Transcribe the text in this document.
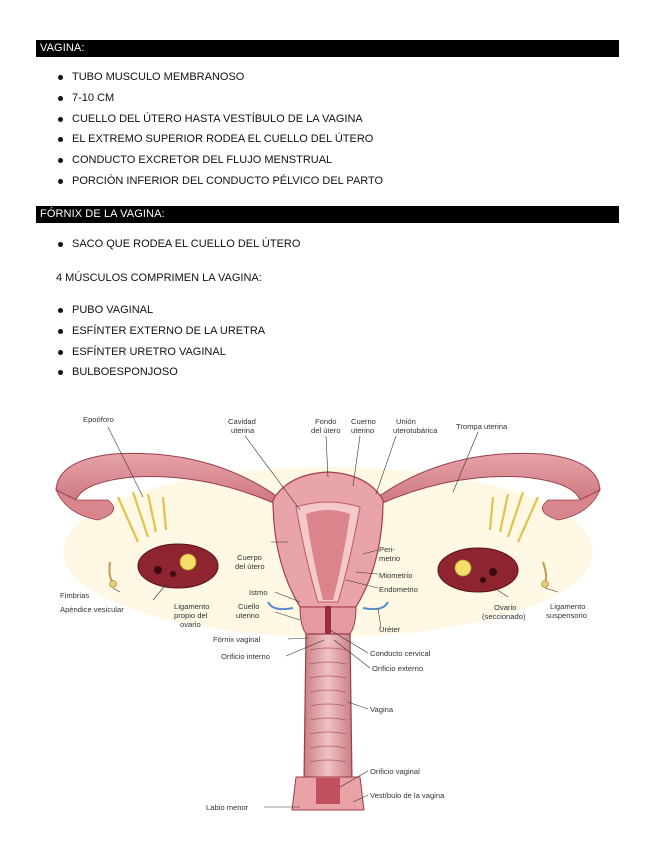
VAGINA:
TUBO MUSCULO MEMBRANOSO
7-10 CM
CUELLO DEL ÚTERO HASTA VESTÍBULO DE LA VAGINA
EL EXTREMO SUPERIOR RODEA EL CUELLO DEL ÚTERO
CONDUCTO EXCRETOR DEL FLUJO MENSTRUAL
PORCIÓN INFERIOR DEL CONDUCTO PÉLVICO DEL PARTO
FÓRNIX DE LA VAGINA:
SACO QUE RODEA EL CUELLO DEL ÚTERO
4 MÚSCULOS COMPRIMEN LA VAGINA:
PUBO VAGINAL
ESFÍNTER EXTERNO DE LA URETRA
ESFÍNTER URETRO VAGINAL
BULBOESPONJOSO
Epoóforo	Cavidad
uterina
Fondo
del útero
Cuerno
uterino
Unión
uterotubárica Trompa uterina
Cuerpo
del útero
Peri-
metrio
Miometrio
Endometrio
Istmo
Cuello
uterino
Fimbrias
Apéndice vesicular	Ligamento
propio del
ovario
Ovario
(seccionado)
Ligamento
suspensorio
Uréter
Fórnix vaginal
Conducto cervical
Orificio interno
Orificio externo
Vagina
Orificio vaginal
Labio menor
Vestíbulo de la vagina
